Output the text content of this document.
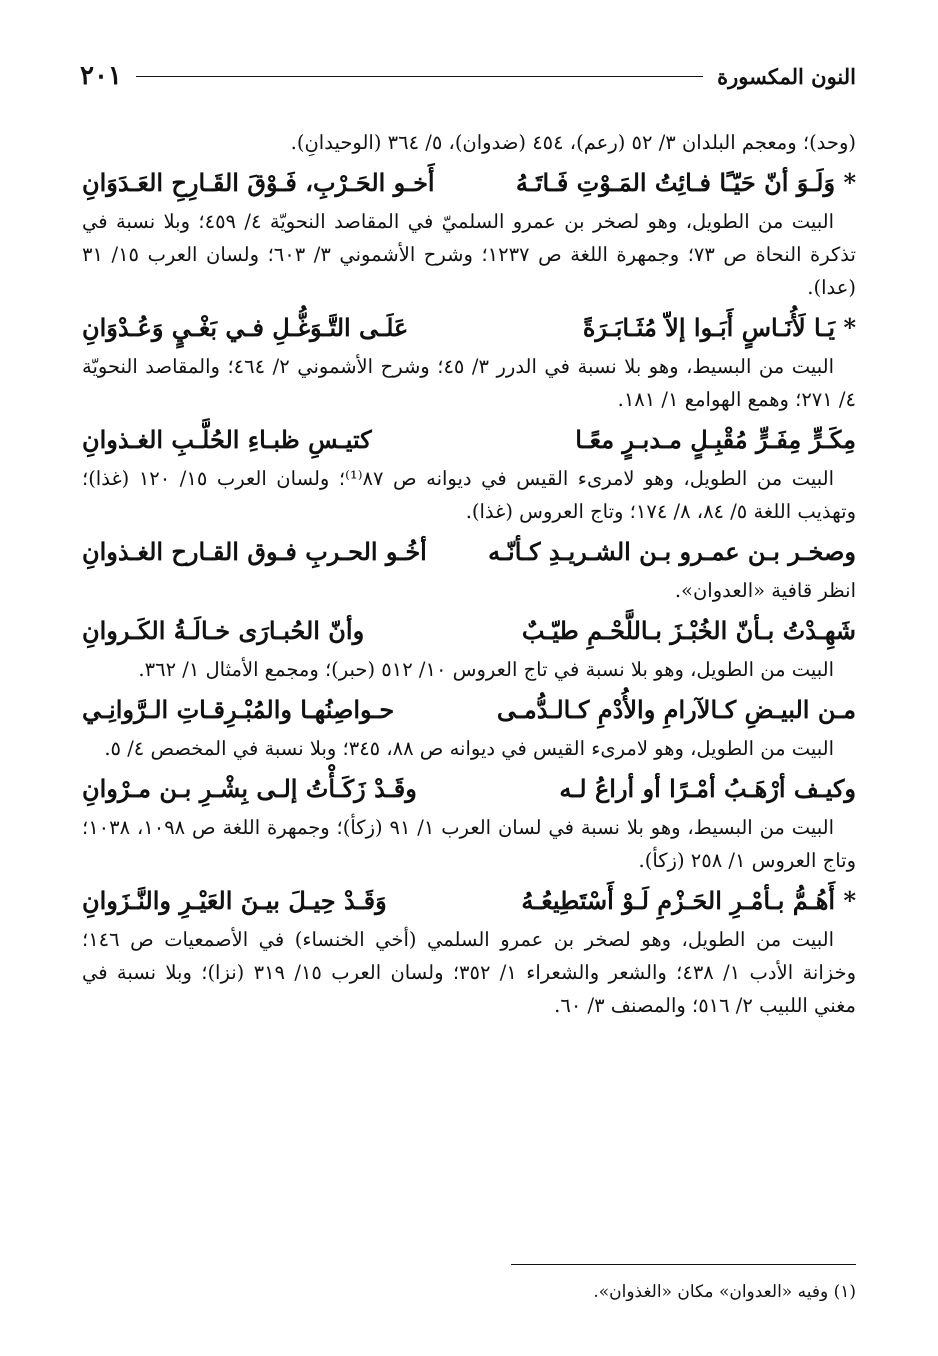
النون المكسورة
٢٠١

(وحد)؛ ومعجم البلدان ٣/ ٥٢ (رعم)، ٤٥٤ (ضدوان)، ٥/ ٣٦٤ (الوحيدانِ).

* وَلَـوَ أنّ حَيّـًا فـائِتُ المَـوْتِ فَـاتَـهُ
أَخـو الحَـرْبِ، فَـوْقَ القَـارِحِ العَـدَوَانِ

البيت من الطويل، وهو لصخر بن عمرو السلميّ في المقاصد النحويّة ٤/ ٤٥٩؛ وبلا نسبة في تذكرة النحاة ص ٧٣؛ وجمهرة اللغة ص ١٢٣٧؛ وشرح الأشموني ٣/ ٦٠٣؛ ولسان العرب ١٥/ ٣١ (عدا).

* يَـا لَأُنَـاسٍ أَبَـوا إلاّ مُثَـابَـرَةً
عَلَـى التَّـوَغُّـلِ فـي بَغْـيٍ وَعُـدْوَانِ

البيت من البسيط، وهو بلا نسبة في الدرر ٣/ ٤٥؛ وشرح الأشموني ٢/ ٤٦٤؛ والمقاصد النحويّة ٤/ ٢٧١؛ وهمع الهوامع ١/ ١٨١.

مِكَـرٍّ مِفَـرٍّ مُقْبِـلٍ مـدبـرٍ معًـا
كتيـسِ ظبـاءِ الحُلَّـبِ الغـذوانِ

البيت من الطويل، وهو لامرىء القيس في ديوانه ص ٨٧⁽¹⁾؛ ولسان العرب ١٥/ ١٢٠ (غذا)؛ وتهذيب اللغة ٥/ ٨٤، ٨/ ١٧٤؛ وتاج العروس (غذا).

وصخـر بـن عمـرو بـن الشـريـدِ كـأنّـه
أخُـو الحـربِ فـوق القـارح الغـذوانِ

انظر قافية «العدوان».

شَهِـدْتُ بـأنّ الخُبْـزَ بـاللَّحْـمِ طيّـبٌ
وأنّ الحُبـارَى خـالَـةُ الكَـروانِ

البيت من الطويل، وهو بلا نسبة في تاج العروس ١٠/ ٥١٢ (حبر)؛ ومجمع الأمثال ١/ ٣٦٢.

مـن البيـضِ كـالآرامِ والأُدْمِ كـالـدُّمـى
حـواصِنُهـا والمُبْـرِقـاتِ الـرَّوانِـي

البيت من الطويل، وهو لامرىء القيس في ديوانه ص ٨٨، ٣٤٥؛ وبلا نسبة في المخصص ٤/ ٥.

وكيـف أرْهَـبُ أمْـرًا أو أراعُ لـه
وقَـدْ زَكَـأْتُ إلـى بِشْـرِ بـن مـرْوانِ

البيت من البسيط، وهو بلا نسبة في لسان العرب ١/ ٩١ (زكأ)؛ وجمهرة اللغة ص ١٠٩٨، ١٠٣٨؛ وتاج العروس ١/ ٢٥٨ (زكأ).

* أَهُـمُّ بـأمْـرِ الحَـزْمِ لَـوْ أَسْتَطِيعُـهُ
وَقَـدْ حِيـلَ بيـنَ العَيْـرِ والنَّـزَوانِ

البيت من الطويل، وهو لصخر بن عمرو السلمي (أخي الخنساء) في الأصمعيات ص ١٤٦؛ وخزانة الأدب ١/ ٤٣٨؛ والشعر والشعراء ١/ ٣٥٢؛ ولسان العرب ١٥/ ٣١٩ (نزا)؛ وبلا نسبة في مغني اللبيب ٢/ ٥١٦؛ والمصنف ٣/ ٦٠.

(١) وفيه «العدوان» مكان «الغذوان».
